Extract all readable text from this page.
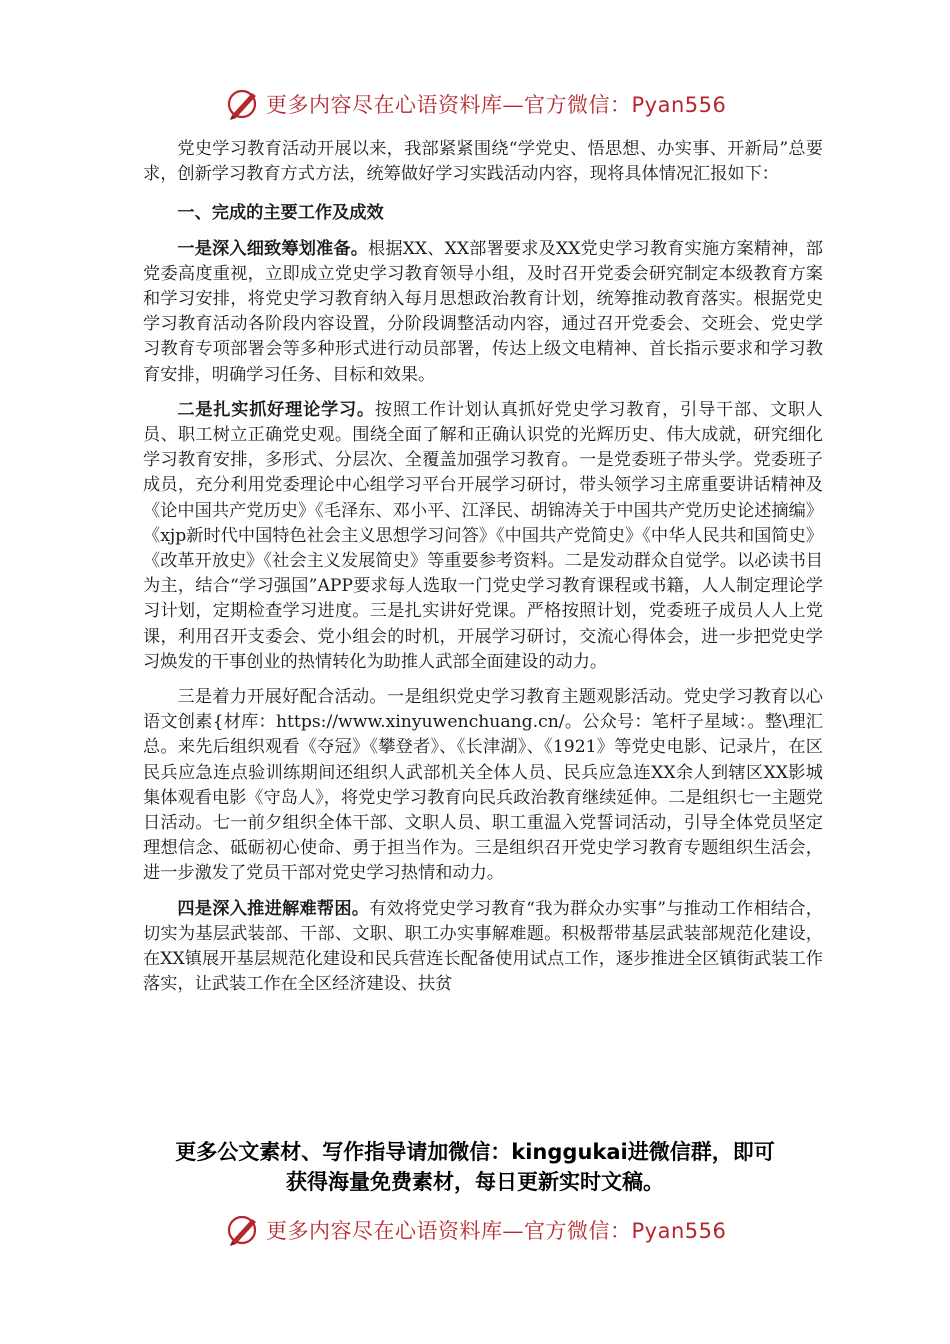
更多内容尽在心语资料库—官方微信：Pyan556

党史学习教育活动开展以来，我部紧紧围绕“学党史、悟思想、办实事、开新局”总要求，创新学习教育方式方法，统筹做好学习实践活动内容，现将具体情况汇报如下：

一、完成的主要工作及成效

一是深入细致筹划准备。根据XX、XX部署要求及XX党史学习教育实施方案精神，部党委高度重视，立即成立党史学习教育领导小组，及时召开党委会研究制定本级教育方案和学习安排，将党史学习教育纳入每月思想政治教育计划，统筹推动教育落实。根据党史学习教育活动各阶段内容设置，分阶段调整活动内容，通过召开党委会、交班会、党史学习教育专项部署会等多种形式进行动员部署，传达上级文电精神、首长指示要求和学习教育安排，明确学习任务、目标和效果。

二是扎实抓好理论学习。按照工作计划认真抓好党史学习教育，引导干部、文职人员、职工树立正确党史观。围绕全面了解和正确认识党的光辉历史、伟大成就，研究细化学习教育安排，多形式、分层次、全覆盖加强学习教育。一是党委班子带头学。党委班子成员，充分利用党委理论中心组学习平台开展学习研讨，带头领学习主席重要讲话精神及《论中国共产党历史》《毛泽东、邓小平、江泽民、胡锦涛关于中国共产党历史论述摘编》《xjp新时代中国特色社会主义思想学习问答》《中国共产党简史》《中华人民共和国简史》《改革开放史》《社会主义发展简史》等重要参考资料。二是发动群众自觉学。以必读书目为主，结合“学习强国”APP要求每人选取一门党史学习教育课程或书籍，人人制定理论学习计划，定期检查学习进度。三是扎实讲好党课。严格按照计划，党委班子成员人人上党课，利用召开支委会、党小组会的时机，开展学习研讨，交流心得体会，进一步把党史学习焕发的干事创业的热情转化为助推人武部全面建设的动力。

三是着力开展好配合活动。一是组织党史学习教育主题观影活动。党史学习教育以心语文创素{材库：https://www.xinyuwenchuang.cn/。公众号：笔杆子星域：。整\理汇总。来先后组织观看《夺冠》《攀登者》、《长津湖》、《1921》等党史电影、记录片，在区民兵应急连点验训练期间还组织人武部机关全体人员、民兵应急连XX余人到辖区XX影城集体观看电影《守岛人》，将党史学习教育向民兵政治教育继续延伸。二是组织七一主题党日活动。七一前夕组织全体干部、文职人员、职工重温入党誓词活动，引导全体党员坚定理想信念、砥砺初心使命、勇于担当作为。三是组织召开党史学习教育专题组织生活会，进一步激发了党员干部对党史学习热情和动力。

四是深入推进解难帮困。有效将党史学习教育“我为群众办实事”与推动工作相结合，切实为基层武装部、干部、文职、职工办实事解难题。积极帮带基层武装部规范化建设，在XX镇展开基层规范化建设和民兵营连长配备使用试点工作，逐步推进全区镇街武装工作落实，让武装工作在全区经济建设、扶贫

更多公文素材、写作指导请加微信：kinggukai进微信群，即可
获得海量免费素材，每日更新实时文稿。
更多内容尽在心语资料库—官方微信：Pyan556
